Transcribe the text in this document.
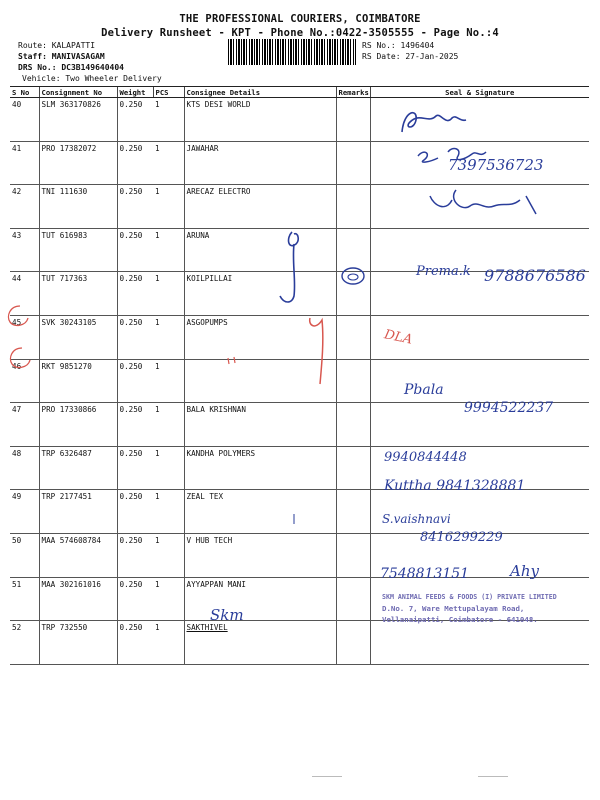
THE PROFESSIONAL COURIERS, COIMBATORE
Delivery Runsheet - KPT - Phone No.:0422-3505555 - Page No.:4
Route: KALAPATTI
Staff: MANIVASAGAM
DRS No.: DC3B149640404
Vehicle: Two Wheeler Delivery
RS No.: 1496404
RS Date: 27-Jan-2025
S No	Consignment No	Weight	PCS	Consignee Details	Remarks	Seal & Signature
40	SLM 363170826	0.250	1	KTS DESI WORLD		
41	PRO 17382072	0.250	1	JAWAHAR		
42	TNI 111630	0.250	1	ARECAZ ELECTRO		
43	TUT 616983	0.250	1	ARUNA		
44	TUT 717363	0.250	1	KOILPILLAI		
45	SVK 30243105	0.250	1	ASGOPUMPS		
46	RKT 9851270	0.250	1			
47	PRO 17330866	0.250	1	BALA KRISHNAN		
48	TRP 6326487	0.250	1	KANDHA POLYMERS		
49	TRP 2177451	0.250	1	ZEAL TEX		
50	MAA 574608784	0.250	1	V HUB TECH		
51	MAA 302161016	0.250	1	AYYAPPAN MANI		
52	TRP 732550	0.250	1	SAKTHIVEL		
7397536723
Prema.k 9788676586
DLA
Pbala
9994522237
9940844448
Kuttha 9841328881
S.vaishnavi
8416299229
7548813151	Ahy
Skm
SKM ANIMAL FEEDS & FOODS (I) PRIVATE LIMITED
D.No. 7, Ware Mettupalayam Road,
Vellanaipatti, Coimbatore - 641048.
